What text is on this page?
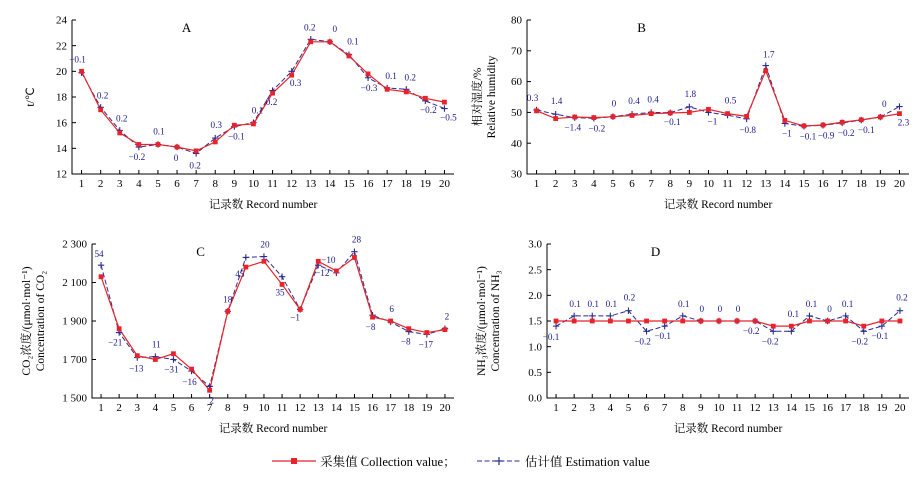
12
14
16
18
20
22
24
1 2 3 4 5 6 7 8 9 10 11 12 13 14 15 16 17 18 19 20
A
记录数 Record number
t/℃
−0.1
0.2
0.2
−0.2
0.1
0
0.2
0.3
−0.1
0.1
0.2
0.3
0.2 0
0.1
−0.3
0.1 0.2
−0.2
−0.5
30
40
50
60
70
80
1 2 3 4 5 6 7 8 9 10 11 12 13 14 15 16 17 18 19 20
B
记录数 Record number
相对湿度/% Relative humidity	0.3 1.4
−1.4 −0.2
0 0.4 0.4
−0.1
1.8
−1
0.5
−0.8
1.7
−1 −0.1 −0.9 −0.2 −0.1
0
2.3
1 500
1 700
1 900
2 100
2 300
1 2 3 4 5 6 7 8 9 10 11 12 13 14 15 16 17 18 19 20
C
记录数 Record number
CO₂浓度/(μmol·mol⁻¹) Concentration of CO₂
54
−21
−13
11
−31
−16
2
18
45
20
35
−1
−12
−10
28
−8
6
−8 −17
2
0.0
0.5
1.0
1.5
2.0
2.5
3.0
1 2 3 4 5 6 7 8 9 10 11 12 13 14 15 16 17 18 19 20
D
记录数 Record number
NH₃浓度/(μmol·mol⁻¹) Concentration of NH₃	−0.1
0.1 0.1 0.1
0.2
−0.2
−0.1
0.1
0 0 0
−0.2
−0.2
0.1
0.1
0
0.1
−0.2
−0.1
0.2
采集值 Collection value；	估计值 Estimation value
